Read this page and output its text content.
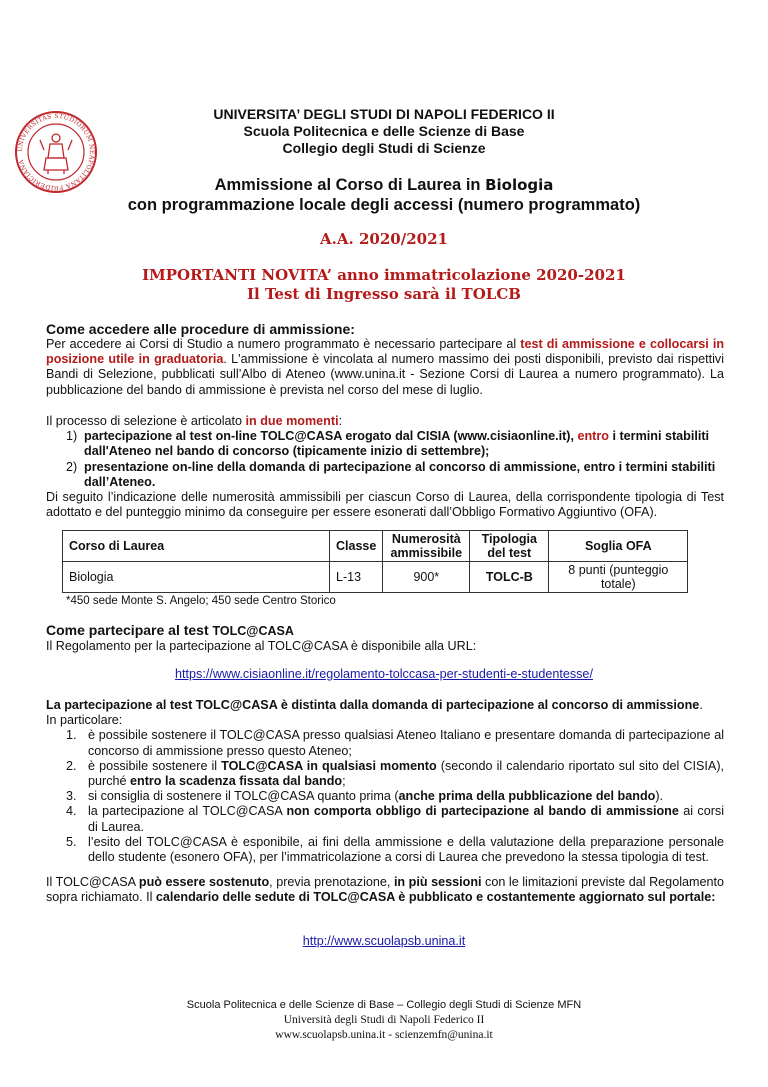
UNIVERSITAS STUDIORUM NEAPOLITANA FRIDERICIANA
UNIVERSITA’ DEGLI STUDI DI NAPOLI FEDERICO II
Scuola Politecnica e delle Scienze di Base
Collegio degli Studi di Scienze
Ammissione al Corso di Laurea in Biologia
con programmazione locale degli accessi (numero programmato)
A.A. 2020/2021
IMPORTANTI NOVITA’ anno immatricolazione 2020-2021
Il Test di Ingresso sarà il TOLCB
Come accedere alle procedure di ammissione:

Per accedere ai Corsi di Studio a numero programmato è necessario partecipare al test di ammissione e collocarsi in posizione utile in graduatoria. L'ammissione è vincolata al numero massimo dei posti disponibili, previsto dai rispettivi Bandi di Selezione, pubblicati sull’Albo di Ateneo (www.unina.it - Sezione Corsi di Laurea a numero programmato). La pubblicazione del bando di ammissione è prevista nel corso del mese di luglio.

Il processo di selezione è articolato in due momenti:

1) partecipazione al test on-line TOLC@CASA erogato dal CISIA (www.cisiaonline.it), entro i termini stabiliti dall'Ateneo nel bando di concorso (tipicamente inizio di settembre);
2) presentazione on-line della domanda di partecipazione al concorso di ammissione, entro i termini stabiliti dall’Ateneo.

Di seguito l’indicazione delle numerosità ammissibili per ciascun Corso di Laurea, della corrispondente tipologia di Test adottato e del punteggio minimo da conseguire per essere esonerati dall’Obbligo Formativo Aggiuntivo (OFA).

Corso di Laurea	Classe	Numerosità ammissibile	Tipologia del test	Soglia OFA
Biologia	L-13	900*	TOLC-B	8 punti (punteggio totale)
*450 sede Monte S. Angelo; 450 sede Centro Storico
Come partecipare al test TOLC@CASA

Il Regolamento per la partecipazione al TOLC@CASA è disponibile alla URL:

https://www.cisiaonline.it/regolamento-tolccasa-per-studenti-e-studentesse/

La partecipazione al test TOLC@CASA è distinta dalla domanda di partecipazione al concorso di ammissione.

In particolare:

1. è possibile sostenere il TOLC@CASA presso qualsiasi Ateneo Italiano e presentare domanda di partecipazione al concorso di ammissione presso questo Ateneo;
2. è possibile sostenere il TOLC@CASA in qualsiasi momento (secondo il calendario riportato sul sito del CISIA), purché entro la scadenza fissata dal bando;
3. si consiglia di sostenere il TOLC@CASA quanto prima (anche prima della pubblicazione del bando).
4. la partecipazione al TOLC@CASA non comporta obbligo di partecipazione al bando di ammissione ai corsi di Laurea.
5. l’esito del TOLC@CASA è esponibile, ai fini della ammissione e della valutazione della preparazione personale dello studente (esonero OFA), per l’immatricolazione a corsi di Laurea che prevedono la stessa tipologia di test.
Il TOLC@CASA può essere sostenuto, previa prenotazione, in più sessioni con le limitazioni previste dal Regolamento sopra richiamato. Il calendario delle sedute di TOLC@CASA è pubblicato e costantemente aggiornato sul portale:
http://www.scuolapsb.unina.it
Scuola Politecnica e delle Scienze di Base – Collegio degli Studi di Scienze MFN
Università degli Studi di Napoli Federico II
www.scuolapsb.unina.it - scienzemfn@unina.it
